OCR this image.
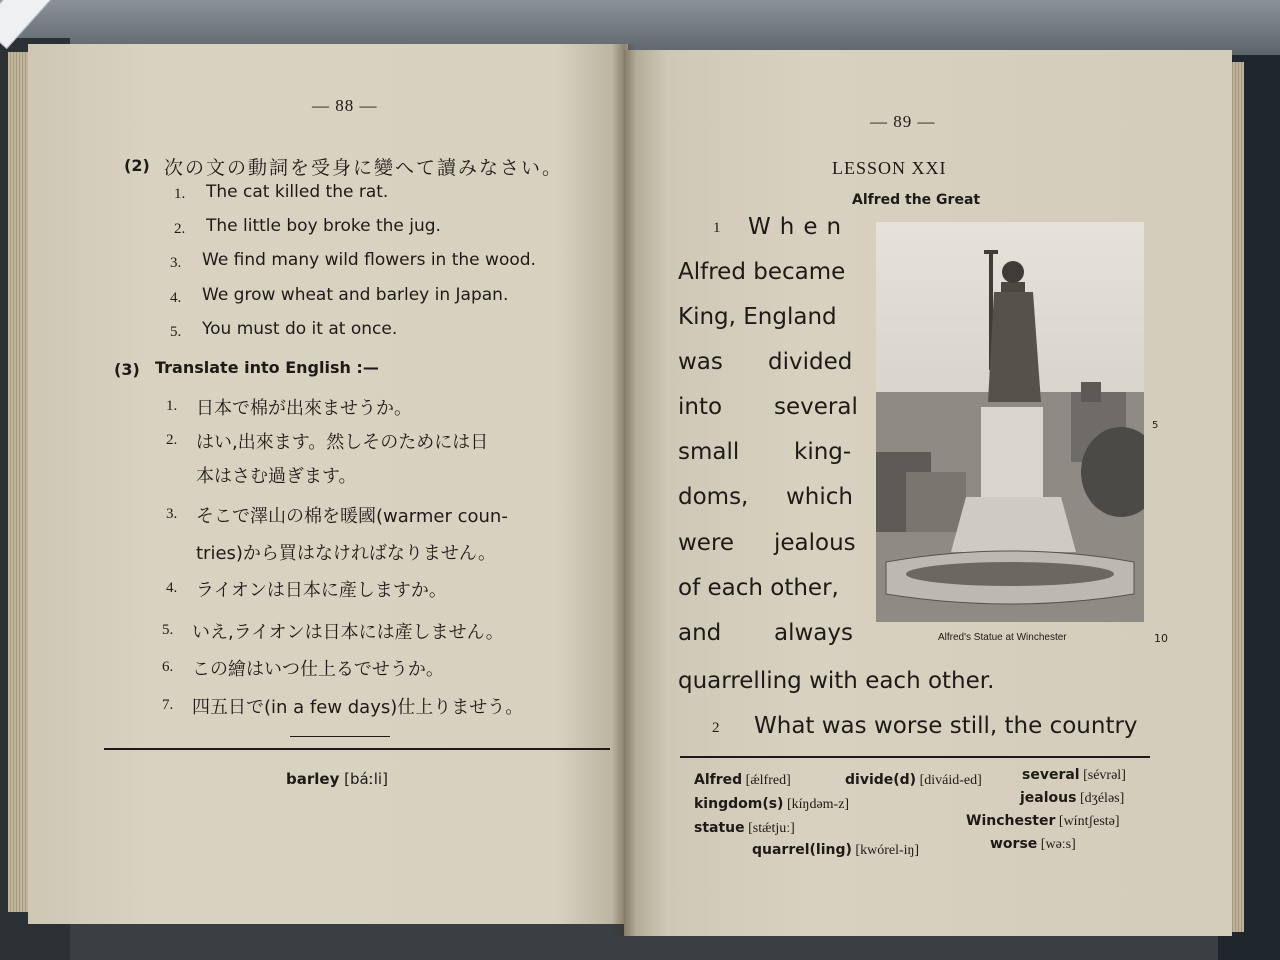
— 88 —
(2) 次の文の動詞を受身に變へて讀みなさい。
1. The cat killed the rat.
2. The little boy broke the jug.
3. We find many wild flowers in the wood.
4. We grow wheat and barley in Japan.
5. You must do it at once.
(3) Translate into English :—
1. 日本で棉が出來ませうか。
2. はい,出來ます。然しそのためには日
本はさむ過ぎます。
3. そこで澤山の棉を暖國(warmer coun-
tries)から買はなければなりません。
4. ライオンは日本に產しますか。
5. いえ,ライオンは日本には產しません。
6. この繪はいつ仕上るでせうか。
7. 四五日で(in a few days)仕上りませう。
barley [báːli]
— 89 —
LESSON XXI
Alfred the Great
1 When
Alfred became
King, England
was divided
into several
small king-
doms, which
were jealous
of each other,
and always
quarrelling with each other.
2 What was worse still, the country
Alfred's Statue at Winchester
5
10
Alfred [ǽlfred]	divide(d) [diváid-ed]	several [sévrəl]
kingdom(s) [kíŋdəm-z]	jealous [dʒéləs]
statue [stǽtjuː]	Winchester [wíntʃestə]
quarrel(ling) [kwórel-iŋ]	worse [wəːs]
